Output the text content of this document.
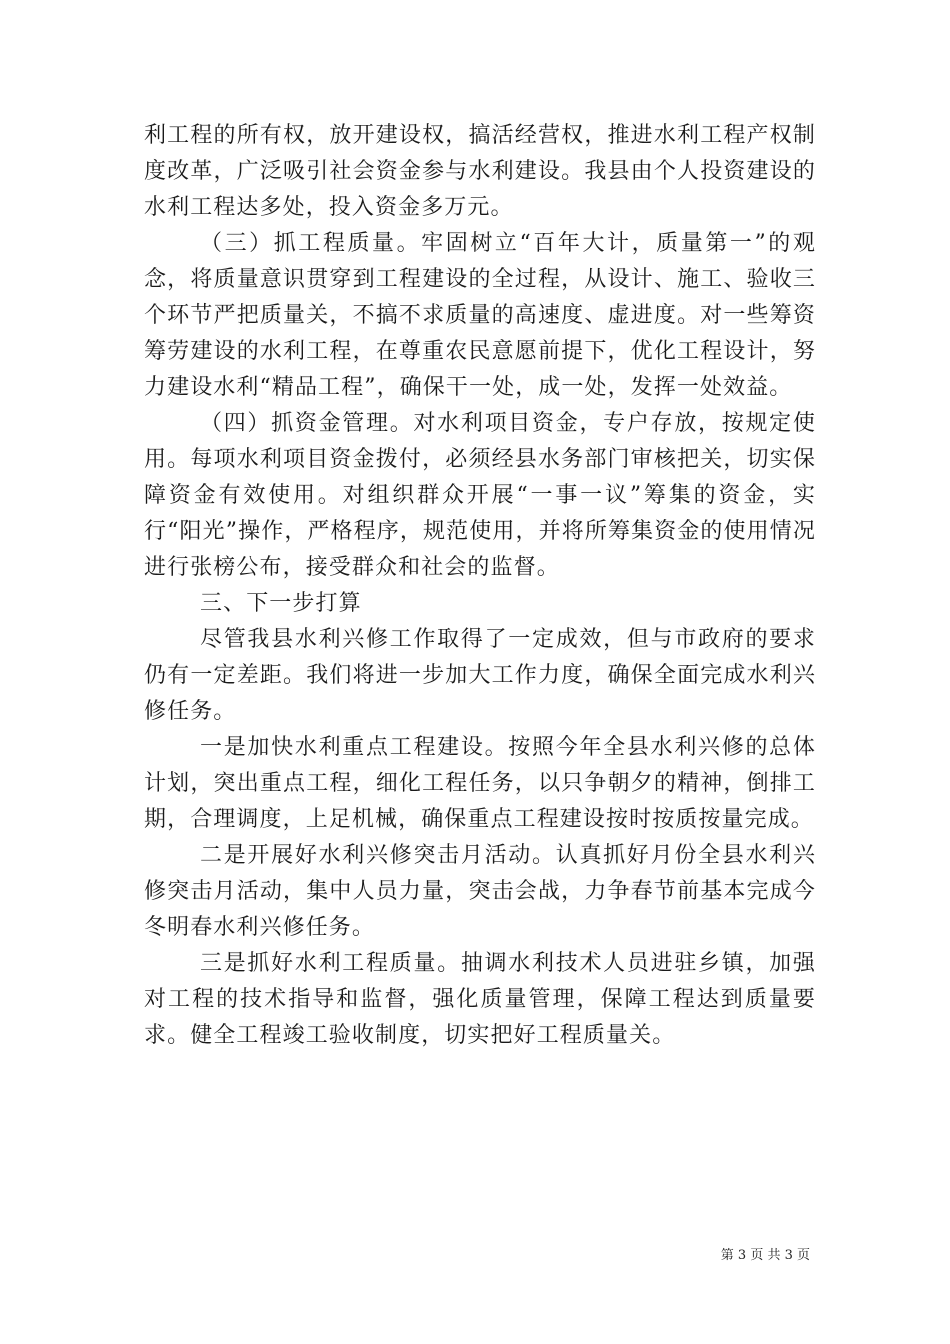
利工程的所有权，放开建设权，搞活经营权，推进水利工程产权制度改革，广泛吸引社会资金参与水利建设。我县由个人投资建设的水利工程达多处，投入资金多万元。

（三）抓工程质量。牢固树立“百年大计，质量第一”的观念，将质量意识贯穿到工程建设的全过程，从设计、施工、验收三个环节严把质量关，不搞不求质量的高速度、虚进度。对一些筹资筹劳建设的水利工程，在尊重农民意愿前提下，优化工程设计，努力建设水利“精品工程”，确保干一处，成一处，发挥一处效益。

（四）抓资金管理。对水利项目资金，专户存放，按规定使用。每项水利项目资金拨付，必须经县水务部门审核把关，切实保障资金有效使用。对组织群众开展“一事一议”筹集的资金，实行“阳光”操作，严格程序，规范使用，并将所筹集资金的使用情况进行张榜公布，接受群众和社会的监督。

三、下一步打算

尽管我县水利兴修工作取得了一定成效，但与市政府的要求仍有一定差距。我们将进一步加大工作力度，确保全面完成水利兴修任务。

一是加快水利重点工程建设。按照今年全县水利兴修的总体计划，突出重点工程，细化工程任务，以只争朝夕的精神，倒排工期，合理调度，上足机械，确保重点工程建设按时按质按量完成。

二是开展好水利兴修突击月活动。认真抓好月份全县水利兴修突击月活动，集中人员力量，突击会战，力争春节前基本完成今冬明春水利兴修任务。

三是抓好水利工程质量。抽调水利技术人员进驻乡镇，加强对工程的技术指导和监督，强化质量管理，保障工程达到质量要求。健全工程竣工验收制度，切实把好工程质量关。

第 3 页 共 3 页
